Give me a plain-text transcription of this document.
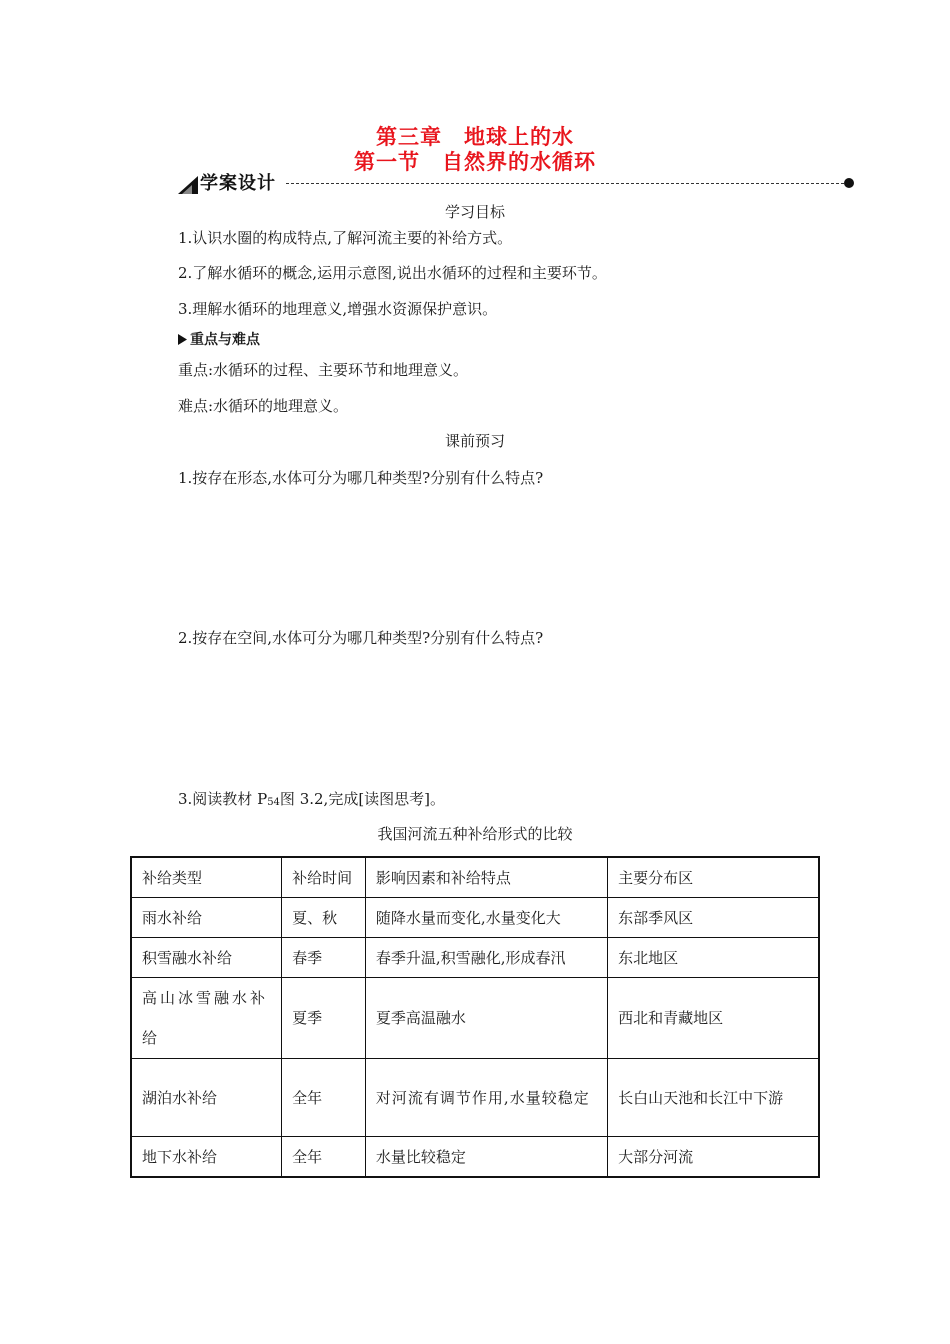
第三章　地球上的水
第一节　自然界的水循环
学案设计
学习目标
1.认识水圈的构成特点,了解河流主要的补给方式。
2.了解水循环的概念,运用示意图,说出水循环的过程和主要环节。
3.理解水循环的地理意义,增强水资源保护意识。
重点与难点
重点:水循环的过程、主要环节和地理意义。
难点:水循环的地理意义。
课前预习
1.按存在形态,水体可分为哪几种类型?分别有什么特点?
2.按存在空间,水体可分为哪几种类型?分别有什么特点?
3.阅读教材 $P_{54}$图 3.2,完成[读图思考]。
我国河流五种补给形式的比较
补给类型	补给时间	影响因素和补给特点	主要分布区
雨水补给	夏、秋	随降水量而变化,水量变化大	东部季风区
积雪融水补给	春季	春季升温,积雪融化,形成春汛	东北地区
高山冰雪融水补给	夏季	夏季高温融水	西北和青藏地区
湖泊水补给	全年	对河流有调节作用,水量较稳定	长白山天池和长江中下游
地下水补给	全年	水量比较稳定	大部分河流
